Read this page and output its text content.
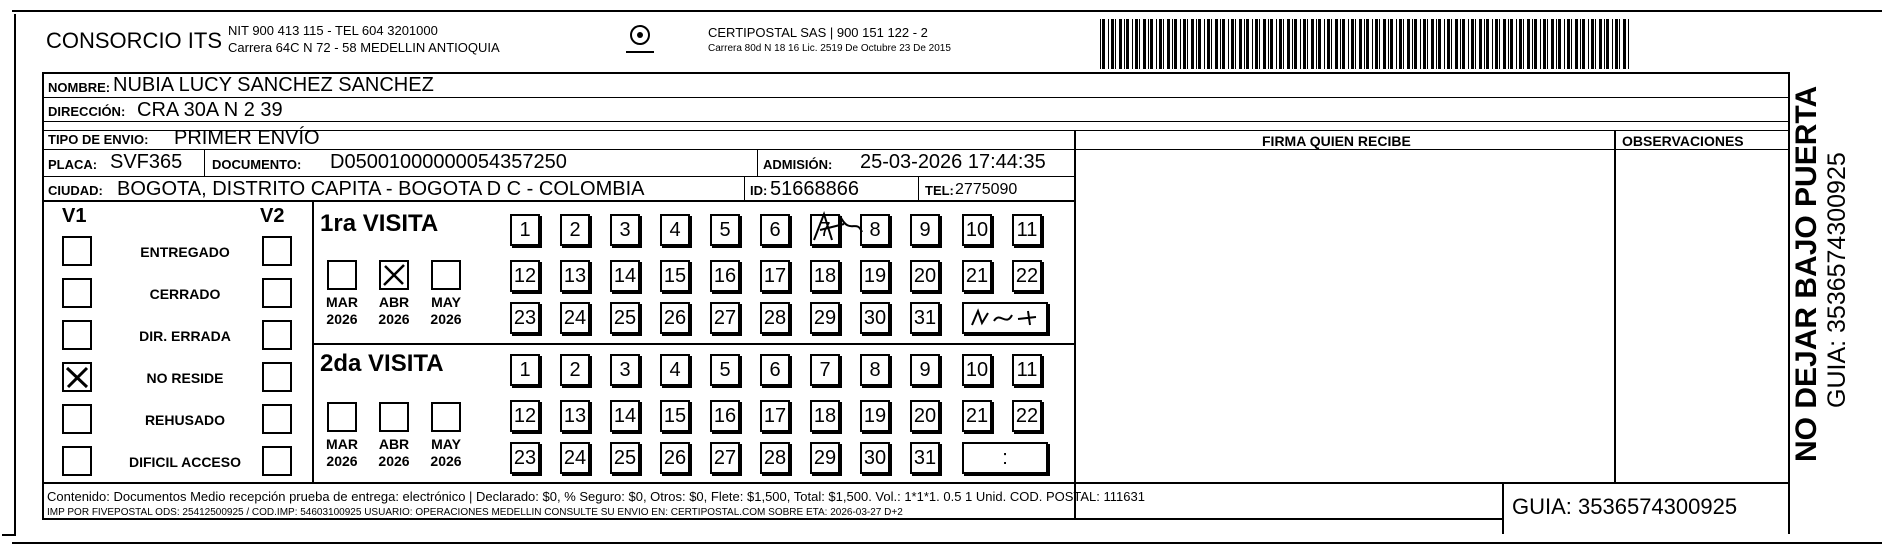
CONSORCIO ITS NIT 900 413 115 - TEL 604 3201000
Carrera 64C N 72 - 58 MEDELLIN ANTIOQUIA
CERTIPOSTAL SAS | 900 151 122 - 2
Carrera 80d N 18 16 Lic. 2519 De Octubre 23 De 2015
NOMBRE: NUBIA LUCY SANCHEZ SANCHEZ
DIRECCIÓN: CRA 30A N 2 39
TIPO DE ENVIO: PRIMER ENVÍO	FIRMA QUIEN RECIBE	OBSERVACIONES
PLACA: SVF365 DOCUMENTO: D05001000000054357250	ADMISIÓN: 25-03-2026 17:44:35
CIUDAD: BOGOTA, DISTRITO CAPITA - BOGOTA D C - COLOMBIA	ID: 51668866	TEL: 2775090
V1	V2
ENTREGADO
CERRADO
DIR. ERRADA
NO RESIDE
REHUSADO
DIFICIL ACCESO
1ra VISITA
2da VISITA
MAR
2026
ABR
2026
MAY
2026
MAR
2026
ABR
2026
MAY
2026
1	2	3	4	5	6	7	8	9	10 11
12 13 14 15 16 17 18 19 20 21 22
23 24 25 26 27 28 29 30 31
1	2	3	4	5	6	7	8	9	10 11
12 13 14 15 16 17 18 19 20 21 22
23 24 25 26 27 28 29 30 31	:
Contenido: Documentos Medio recepción prueba de entrega: electrónico | Declarado: $0, % Seguro: $0, Otros: $0, Flete: $1,500, Total: $1,500. Vol.: 1*1*1. 0.5 1 Unid. COD. POSTAL: 111631
IMP POR FIVEPOSTAL ODS: 25412500925 / COD.IMP: 54603100925 USUARIO: OPERACIONES MEDELLIN CONSULTE SU ENVIO EN: CERTIPOSTAL.COM SOBRE ETA: 2026-03-27 D+2	GUIA: 3536574300925
NO DEJAR BAJO PUERTA GUIA: 3536574300925
